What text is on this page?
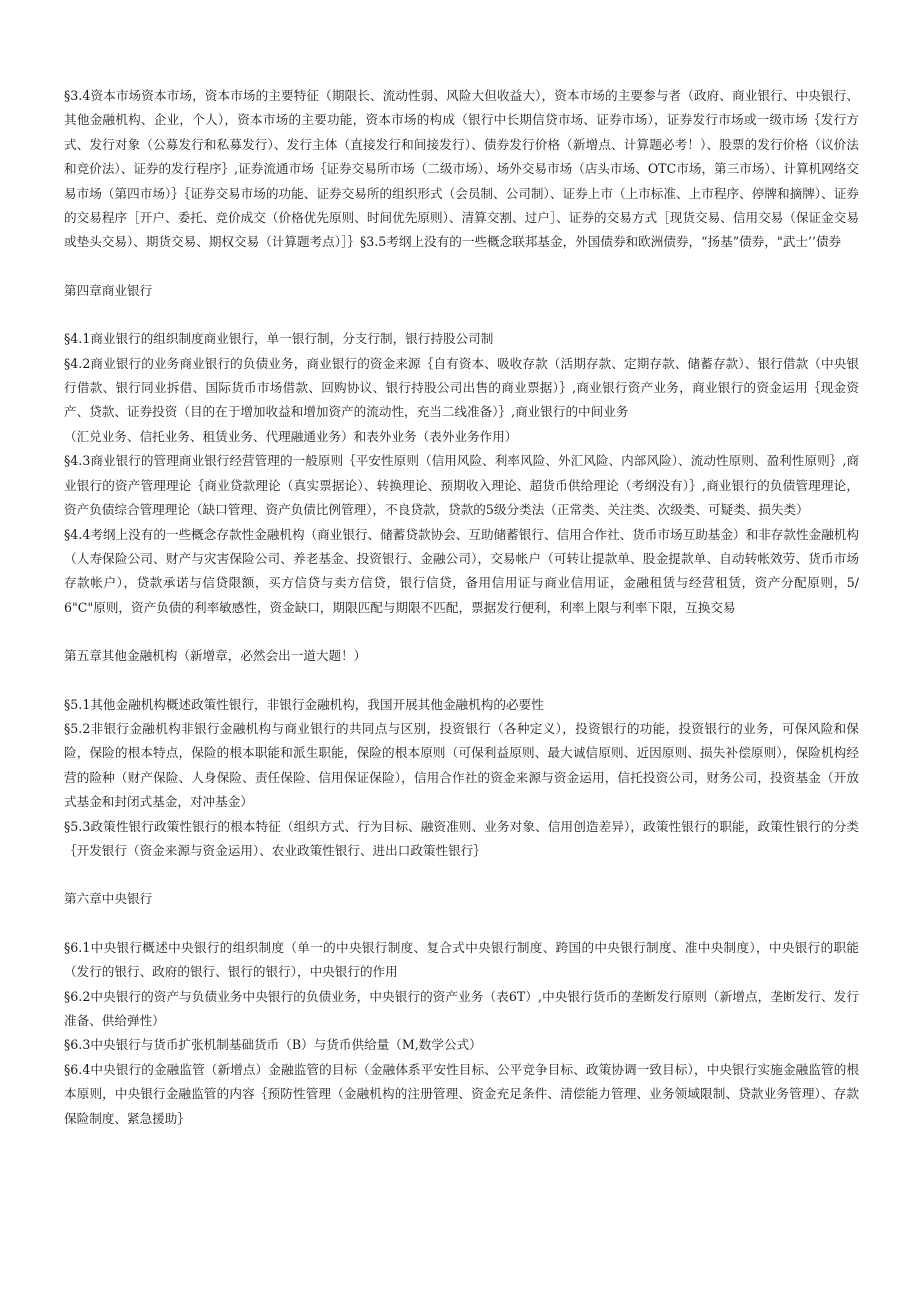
§3.4资本市场资本市场，资本市场的主要特征（期限长、流动性弱、风险大但收益大），资本市场的主要参与者（政府、商业银行、中央银行、其他金融机构、企业，个人），资本市场的主要功能，资本市场的构成（银行中长期信贷市场、证券市场），证券发行市场或一级市场｛发行方式、发行对象（公募发行和私募发行）、发行主体（直接发行和间接发行）、债券发行价格（新增点、计算题必考！）、股票的发行价格（议价法和竞价法）、证券的发行程序｝,证券流通市场｛证券交易所市场（二级市场）、场外交易市场（店头市场、OTC市场，第三市场）、计算机网络交易市场（第四市场）｝｛证券交易市场的功能、证券交易所的组织形式（会员制、公司制）、证券上市（上市标准、上市程序、停牌和摘牌）、证券的交易程序［开户、委托、竞价成交（价格优先原则、时间优先原则）、清算交割、过户］、证券的交易方式［现货交易、信用交易（保证金交易或垫头交易）、期货交易、期权交易（计算题考点）］｝§3.5考纲上没有的一些概念联邦基金，外国债券和欧洲债券，“扬基”债券，"武士’’债券

第四章商业银行

§4.1商业银行的组织制度商业银行，单一银行制，分支行制，银行持股公司制

§4.2商业银行的业务商业银行的负债业务，商业银行的资金来源｛自有资本、吸收存款（活期存款、定期存款、储蓄存款）、银行借款（中央银行借款、银行同业拆借、国际货币市场借款、回购协议、银行持股公司出售的商业票据）｝,商业银行资产业务，商业银行的资金运用｛现金资产、贷款、证券投资（目的在于增加收益和增加资产的流动性，充当二线准备）｝,商业银行的中间业务

（汇兑业务、信托业务、租赁业务、代理融通业务）和表外业务（表外业务作用）

§4.3商业银行的管理商业银行经营管理的一般原则｛平安性原则（信用风险、利率风险、外汇风险、内部风险）、流动性原则、盈利性原则｝,商业银行的资产管理理论｛商业贷款理论（真实票据论）、转换理论、预期收入理论、超货币供给理论（考纲没有）｝,商业银行的负债管理理论，资产负债综合管理理论（缺口管理、资产负债比例管理），不良贷款，贷款的5级分类法（正常类、关注类、次级类、可疑类、损失类）

§4.4考纲上没有的一些概念存款性金融机构（商业银行、储蓄贷款协会、互助储蓄银行、信用合作社、货币市场互助基金）和非存款性金融机构（人寿保险公司、财产与灾害保险公司、养老基金、投资银行、金融公司），交易帐户（可转让提款单、股金提款单、自动转帐效劳、货币市场存款帐户），贷款承诺与信贷限额，买方信贷与卖方信贷，银行信贷，备用信用证与商业信用证，金融租赁与经营租赁，资产分配原则，5/6"C"原则，资产负债的利率敏感性，资金缺口，期限匹配与期限不匹配，票据发行便利，利率上限与利率下限，互换交易

第五章其他金融机构（新增章，必然会出一道大题！）

§5.1其他金融机构概述政策性银行，非银行金融机构，我国开展其他金融机构的必要性

§5.2非银行金融机构非银行金融机构与商业银行的共同点与区别，投资银行（各种定义），投资银行的功能，投资银行的业务，可保风险和保险，保险的根本特点，保险的根本职能和派生职能，保险的根本原则（可保利益原则、最大诚信原则、近因原则、损失补偿原则），保险机构经营的险种（财产保险、人身保险、责任保险、信用保证保险），信用合作社的资金来源与资金运用，信托投资公司，财务公司，投资基金（开放式基金和封闭式基金，对冲基金）

§5.3政策性银行政策性银行的根本特征（组织方式、行为目标、融资准则、业务对象、信用创造差异），政策性银行的职能，政策性银行的分类｛开发银行（资金来源与资金运用）、农业政策性银行、进出口政策性银行｝

第六章中央银行

§6.1中央银行概述中央银行的组织制度（单一的中央银行制度、复合式中央银行制度、跨国的中央银行制度、准中央制度），中央银行的职能（发行的银行、政府的银行、银行的银行），中央银行的作用

§6.2中央银行的资产与负债业务中央银行的负债业务，中央银行的资产业务（表6T）,中央银行货币的垄断发行原则（新增点，垄断发行、发行准备、供给弹性）

§6.3中央银行与货币扩张机制基础货币（B）与货币供给量（M,数学公式）

§6.4中央银行的金融监管（新增点）金融监管的目标（金融体系平安性目标、公平竞争目标、政策协调一致目标），中央银行实施金融监管的根本原则，中央银行金融监管的内容｛预防性管理（金融机构的注册管理、资金充足条件、清偿能力管理、业务领域限制、贷款业务管理）、存款保险制度、紧急援助｝
